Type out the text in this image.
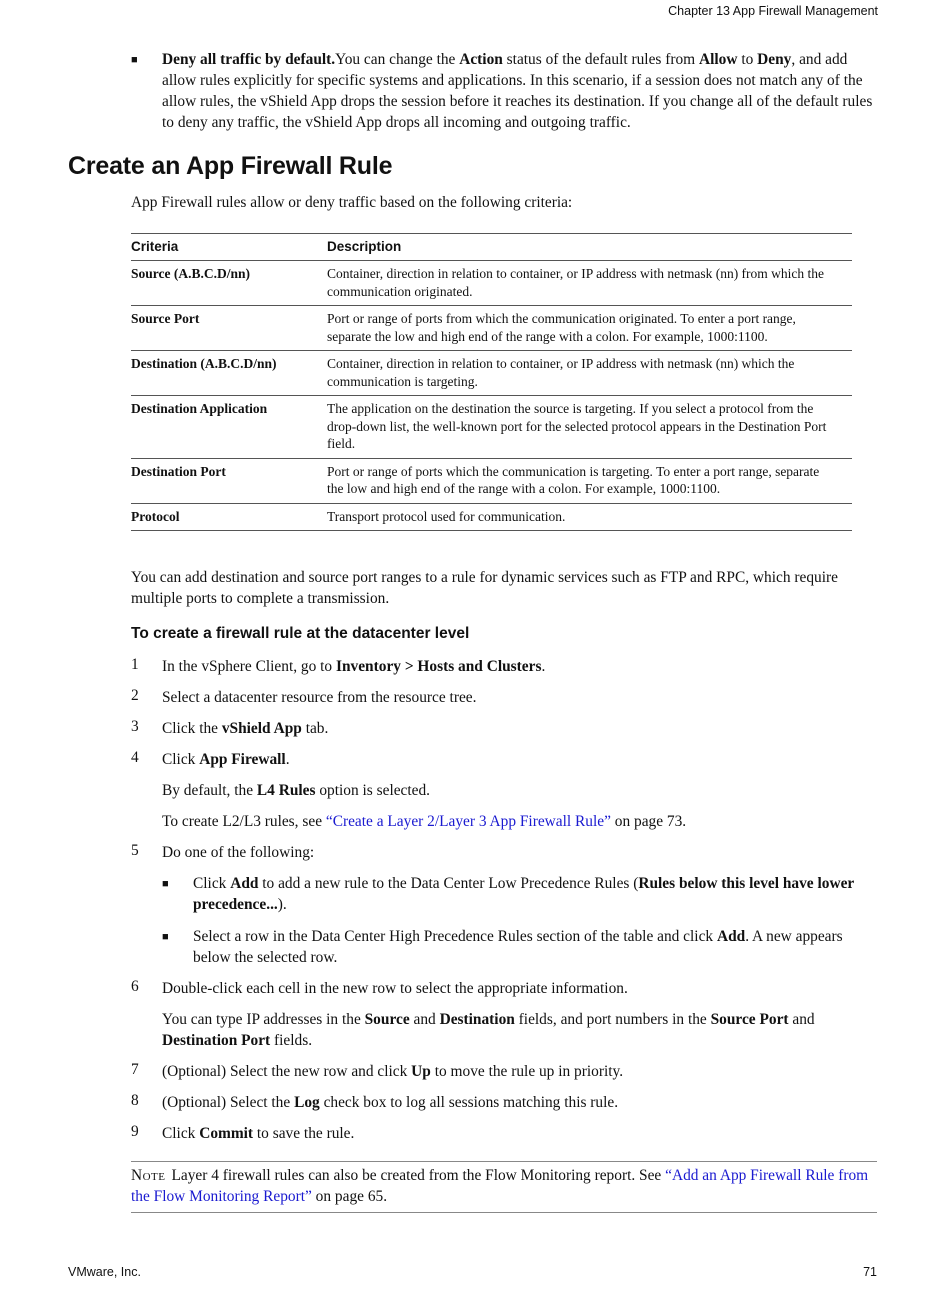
Chapter 13 App Firewall Management
■ Deny all traffic by default.You can change the Action status of the default rules from Allow to Deny, and add allow rules explicitly for specific systems and applications. In this scenario, if a session does not match any of the allow rules, the vShield App drops the session before it reaches its destination. If you change all of the default rules to deny any traffic, the vShield App drops all incoming and outgoing traffic.
Create an App Firewall Rule
App Firewall rules allow or deny traffic based on the following criteria:
Criteria	Description
Source (A.B.C.D/nn)	Container, direction in relation to container, or IP address with netmask (nn) from which the communication originated.
Source Port	Port or range of ports from which the communication originated. To enter a port range, separate the low and high end of the range with a colon. For example, 1000:1100.
Destination (A.B.C.D/nn)	Container, direction in relation to container, or IP address with netmask (nn) which the communication is targeting.
Destination Application	The application on the destination the source is targeting. If you select a protocol from the drop-down list, the well-known port for the selected protocol appears in the Destination Port field.
Destination Port	Port or range of ports which the communication is targeting. To enter a port range, separate the low and high end of the range with a colon. For example, 1000:1100.
Protocol	Transport protocol used for communication.
You can add destination and source port ranges to a rule for dynamic services such as FTP and RPC, which require multiple ports to complete a transmission.
To create a firewall rule at the datacenter level
1 In the vSphere Client, go to Inventory > Hosts and Clusters.
2 Select a datacenter resource from the resource tree.
3 Click the vShield App tab.
4 Click App Firewall.
By default, the L4 Rules option is selected.
To create L2/L3 rules, see “Create a Layer 2/Layer 3 App Firewall Rule” on page 73.
5 Do one of the following:
■ Click Add to add a new rule to the Data Center Low Precedence Rules (Rules below this level have lower precedence...).
■ Select a row in the Data Center High Precedence Rules section of the table and click Add. A new appears below the selected row.
6 Double-click each cell in the new row to select the appropriate information.
You can type IP addresses in the Source and Destination fields, and port numbers in the Source Port and Destination Port fields.
7 (Optional) Select the new row and click Up to move the rule up in priority.
8 (Optional) Select the Log check box to log all sessions matching this rule.
9 Click Commit to save the rule.
Note Layer 4 firewall rules can also be created from the Flow Monitoring report. See “Add an App Firewall Rule from the Flow Monitoring Report” on page 65.
VMware, Inc.	71
